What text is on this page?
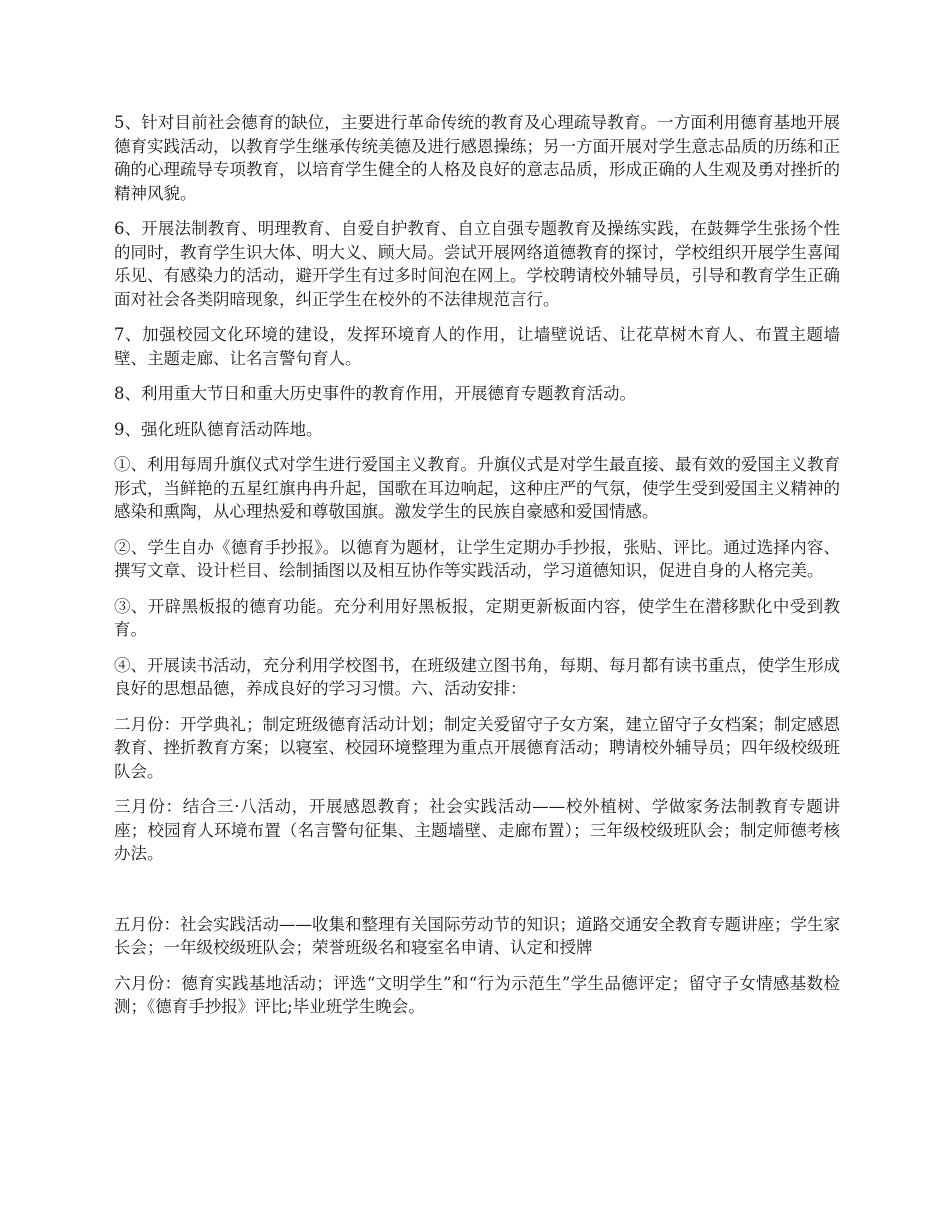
5、针对目前社会德育的缺位，主要进行革命传统的教育及心理疏导教育。一方面利用德育基地开展德育实践活动，以教育学生继承传统美德及进行感恩操练；另一方面开展对学生意志品质的历练和正确的心理疏导专项教育，以培育学生健全的人格及良好的意志品质，形成正确的人生观及勇对挫折的精神风貌。

6、开展法制教育、明理教育、自爱自护教育、自立自强专题教育及操练实践，在鼓舞学生张扬个性的同时，教育学生识大体、明大义、顾大局。尝试开展网络道德教育的探讨，学校组织开展学生喜闻乐见、有感染力的活动，避开学生有过多时间泡在网上。学校聘请校外辅导员，引导和教育学生正确面对社会各类阴暗现象，纠正学生在校外的不法律规范言行。

7、加强校园文化环境的建设，发挥环境育人的作用，让墙壁说话、让花草树木育人、布置主题墙壁、主题走廊、让名言警句育人。

8、利用重大节日和重大历史事件的教育作用，开展德育专题教育活动。

9、强化班队德育活动阵地。

①、利用每周升旗仪式对学生进行爱国主义教育。升旗仪式是对学生最直接、最有效的爱国主义教育形式，当鲜艳的五星红旗冉冉升起，国歌在耳边响起，这种庄严的气氛，使学生受到爱国主义精神的感染和熏陶，从心理热爱和尊敬国旗。激发学生的民族自豪感和爱国情感。

②、学生自办《德育手抄报》。以德育为题材，让学生定期办手抄报，张贴、评比。通过选择内容、撰写文章、设计栏目、绘制插图以及相互协作等实践活动，学习道德知识，促进自身的人格完美。

③、开辟黑板报的德育功能。充分利用好黑板报，定期更新板面内容，使学生在潜移默化中受到教育。

④、开展读书活动，充分利用学校图书，在班级建立图书角，每期、每月都有读书重点，使学生形成良好的思想品德，养成良好的学习习惯。六、活动安排：

二月份：开学典礼；制定班级德育活动计划；制定关爱留守子女方案，建立留守子女档案；制定感恩教育、挫折教育方案；以寝室、校园环境整理为重点开展德育活动；聘请校外辅导员；四年级校级班队会。

三月份：结合三·八活动，开展感恩教育；社会实践活动——校外植树、学做家务法制教育专题讲座；校园育人环境布置（名言警句征集、主题墙壁、走廊布置）；三年级校级班队会；制定师德考核办法。

五月份：社会实践活动——收集和整理有关国际劳动节的知识；道路交通安全教育专题讲座；学生家长会；一年级校级班队会；荣誉班级名和寝室名申请、认定和授牌

六月份：德育实践基地活动；评选“文明学生”和“行为示范生”学生品德评定；留守子女情感基数检测；《德育手抄报》评比;毕业班学生晚会。
